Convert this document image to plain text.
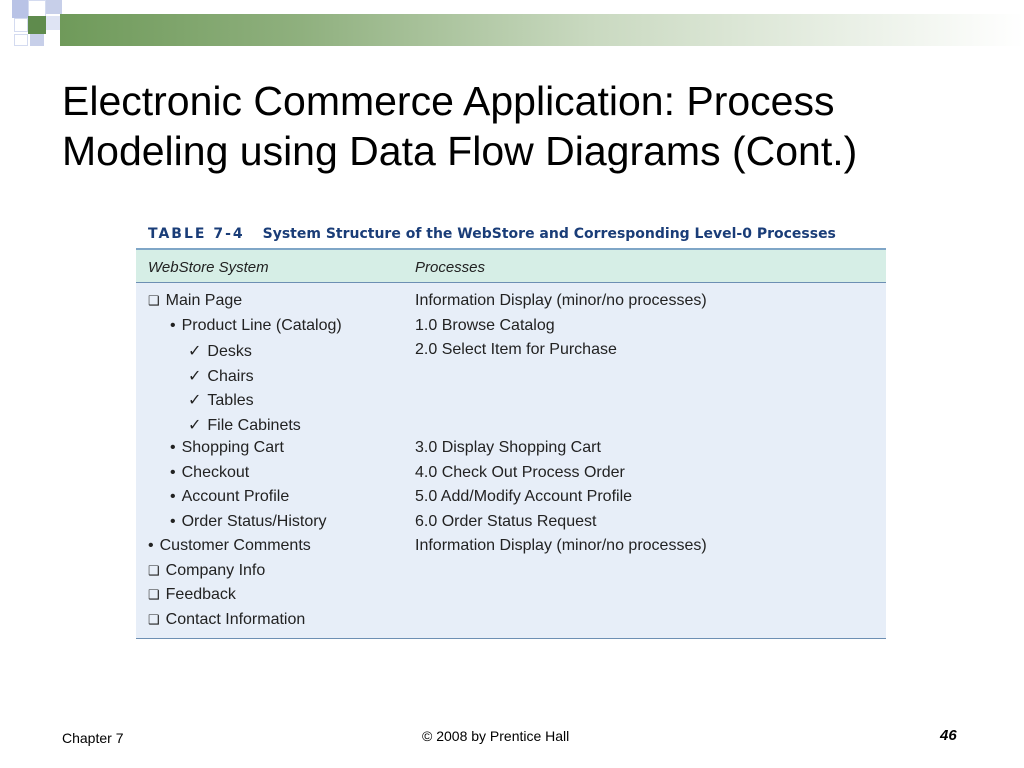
Electronic Commerce Application: Process
Modeling using Data Flow Diagrams (Cont.)
TABLE 7-4 System Structure of the WebStore and Corresponding Level-0 Processes
WebStore System	Processes
❑ Main Page	Information Display (minor/no processes)
• Product Line (Catalog)	1.0 Browse Catalog
✓ Desks	2.0 Select Item for Purchase
✓ Chairs
✓ Tables
✓ File Cabinets
• Shopping Cart	3.0 Display Shopping Cart
• Checkout	4.0 Check Out Process Order
• Account Profile	5.0 Add/Modify Account Profile
• Order Status/History	6.0 Order Status Request
• Customer Comments	Information Display (minor/no processes)
❑ Company Info
❑ Feedback
❑ Contact Information
Chapter 7	© 2008 by Prentice Hall	46
